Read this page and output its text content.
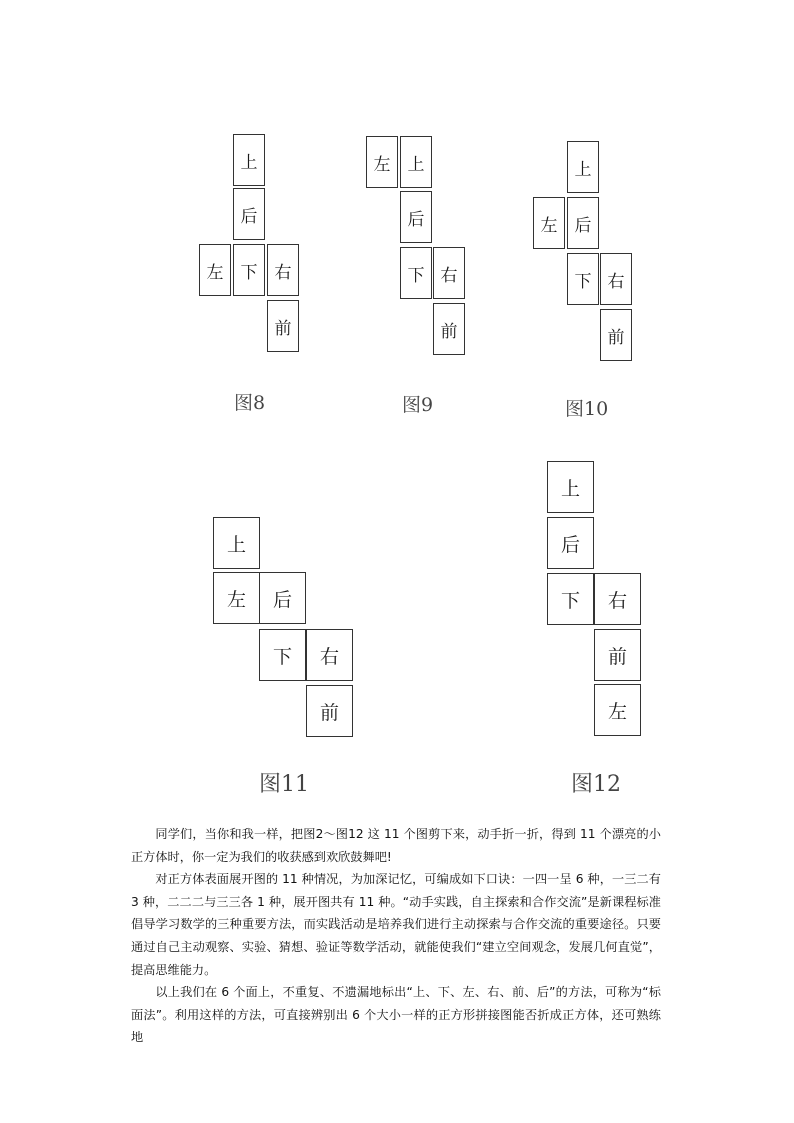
上
后
左	下	右
前
图8
左	上
后
下 右
前
图9
上
左	后
下 右
前
图10
上
左	后
下	右
前
图11
上
后
下	右
前
左
图12

同学们，当你和我一样，把图2～图12 这 11 个图剪下来，动手折一折，得到 11 个漂亮的小正方体时，你一定为我们的收获感到欢欣鼓舞吧!

对正方体表面展开图的 11 种情况，为加深记忆，可编成如下口诀：一四一呈 6 种，一三二有 3 种，二二二与三三各 1 种，展开图共有 11 种。“动手实践，自主探索和合作交流”是新课程标准倡导学习数学的三种重要方法，而实践活动是培养我们进行主动探索与合作交流的重要途径。只要通过自己主动观察、实验、猜想、验证等数学活动，就能使我们“建立空间观念，发展几何直觉”，提高思维能力。

以上我们在 6 个面上，不重复、不遗漏地标出“上、下、左、右、前、后”的方法，可称为“标面法”。利用这样的方法，可直接辨别出 6 个大小一样的正方形拼接图能否折成正方体，还可熟练地
